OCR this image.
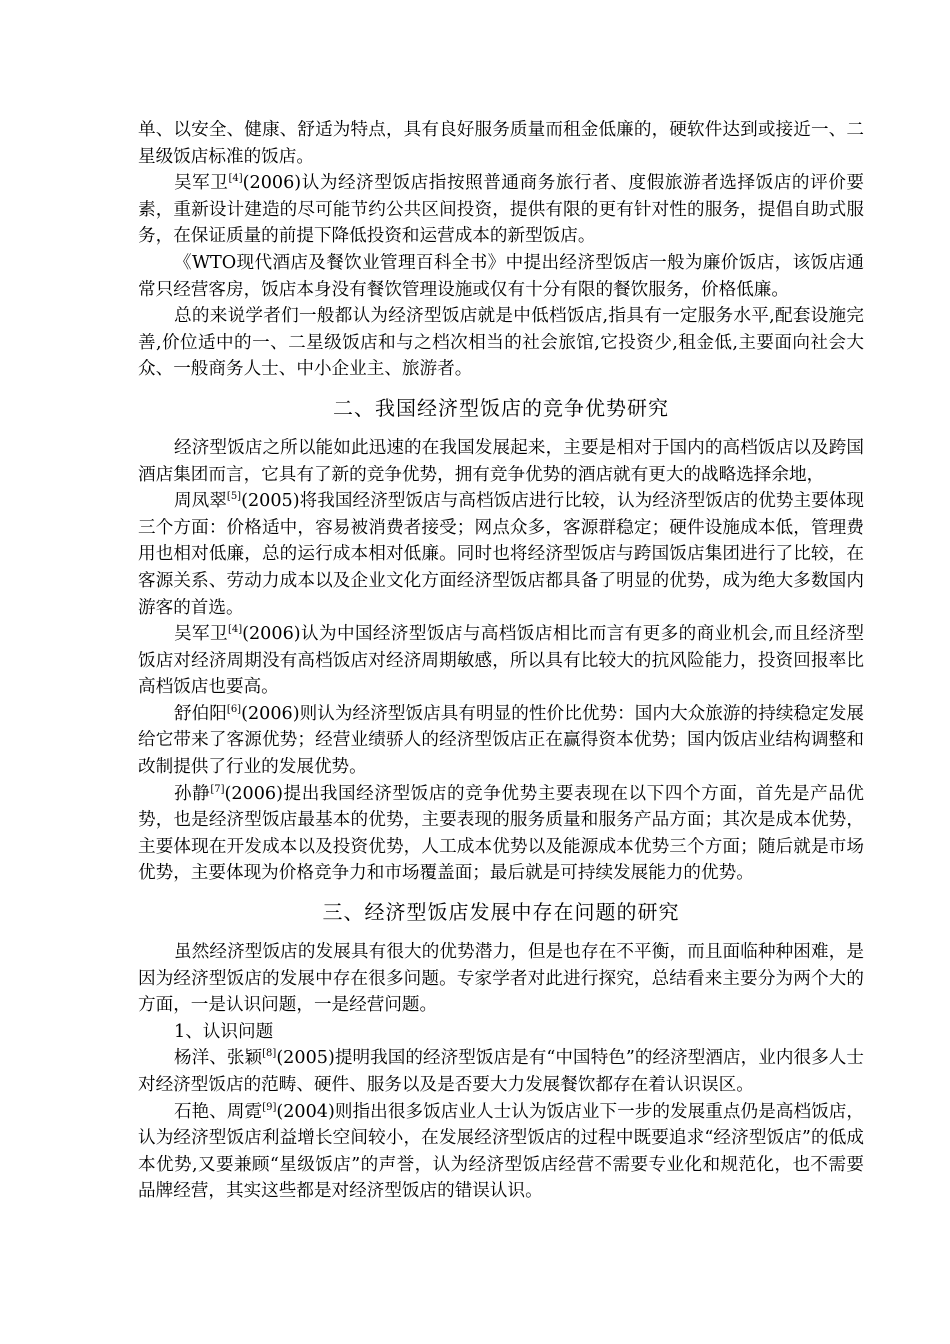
单、以安全、健康、舒适为特点，具有良好服务质量而租金低廉的，硬软件达到或接近一、二星级饭店标准的饭店。

吴军卫[4](2006)认为经济型饭店指按照普通商务旅行者、度假旅游者选择饭店的评价要素，重新设计建造的尽可能节约公共区间投资，提供有限的更有针对性的服务，提倡自助式服务，在保证质量的前提下降低投资和运营成本的新型饭店。

《WTO现代酒店及餐饮业管理百科全书》中提出经济型饭店一般为廉价饭店，该饭店通常只经营客房，饭店本身没有餐饮管理设施或仅有十分有限的餐饮服务，价格低廉。

总的来说学者们一般都认为经济型饭店就是中低档饭店,指具有一定服务水平,配套设施完善,价位适中的一、二星级饭店和与之档次相当的社会旅馆,它投资少,租金低,主要面向社会大众、一般商务人士、中小企业主、旅游者。

二、我国经济型饭店的竞争优势研究

经济型饭店之所以能如此迅速的在我国发展起来，主要是相对于国内的高档饭店以及跨国酒店集团而言，它具有了新的竞争优势，拥有竞争优势的酒店就有更大的战略选择余地，

周凤翠[5](2005)将我国经济型饭店与高档饭店进行比较，认为经济型饭店的优势主要体现三个方面：价格适中，容易被消费者接受；网点众多，客源群稳定；硬件设施成本低，管理费用也相对低廉，总的运行成本相对低廉。同时也将经济型饭店与跨国饭店集团进行了比较，在客源关系、劳动力成本以及企业文化方面经济型饭店都具备了明显的优势，成为绝大多数国内游客的首选。

吴军卫[4](2006)认为中国经济型饭店与高档饭店相比而言有更多的商业机会,而且经济型饭店对经济周期没有高档饭店对经济周期敏感，所以具有比较大的抗风险能力，投资回报率比高档饭店也要高。

舒伯阳[6](2006)则认为经济型饭店具有明显的性价比优势：国内大众旅游的持续稳定发展给它带来了客源优势；经营业绩骄人的经济型饭店正在赢得资本优势；国内饭店业结构调整和改制提供了行业的发展优势。

孙静[7](2006)提出我国经济型饭店的竞争优势主要表现在以下四个方面，首先是产品优势，也是经济型饭店最基本的优势，主要表现的服务质量和服务产品方面；其次是成本优势，主要体现在开发成本以及投资优势，人工成本优势以及能源成本优势三个方面；随后就是市场优势，主要体现为价格竞争力和市场覆盖面；最后就是可持续发展能力的优势。

三、经济型饭店发展中存在问题的研究

虽然经济型饭店的发展具有很大的优势潜力，但是也存在不平衡，而且面临种种困难，是因为经济型饭店的发展中存在很多问题。专家学者对此进行探究，总结看来主要分为两个大的方面，一是认识问题，一是经营问题。

1、认识问题

杨洋、张颖[8](2005)提明我国的经济型饭店是有“中国特色”的经济型酒店，业内很多人士对经济型饭店的范畴、硬件、服务以及是否要大力发展餐饮都存在着认识误区。

石艳、周霓[9](2004)则指出很多饭店业人士认为饭店业下一步的发展重点仍是高档饭店，认为经济型饭店利益增长空间较小，在发展经济型饭店的过程中既要追求“经济型饭店”的低成本优势,又要兼顾“星级饭店”的声誉，认为经济型饭店经营不需要专业化和规范化，也不需要品牌经营，其实这些都是对经济型饭店的错误认识。
